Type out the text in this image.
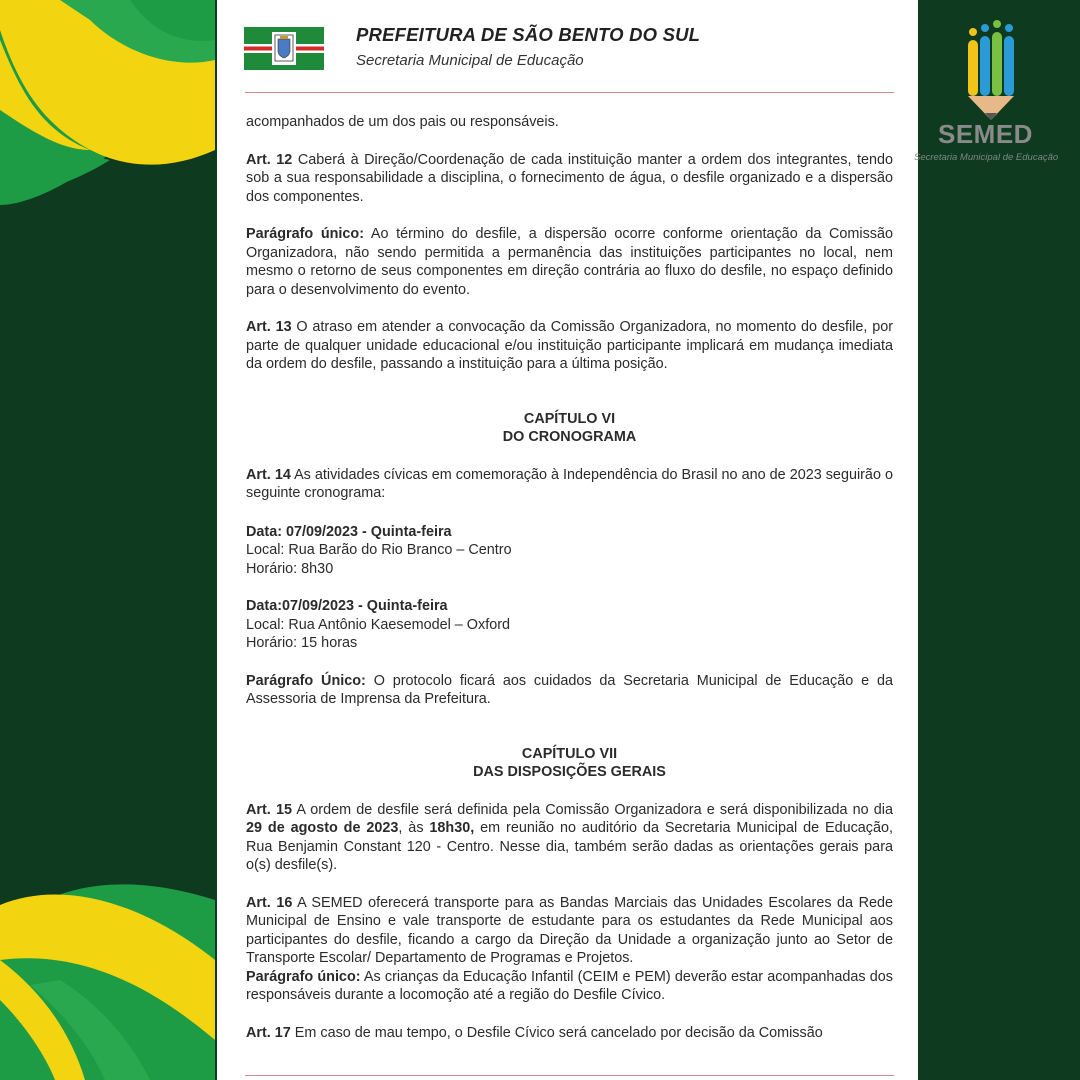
PREFEITURA DE SÃO BENTO DO SUL
Secretaria Municipal de Educação

acompanhados de um dos pais ou responsáveis.

Art. 12 Caberá à Direção/Coordenação de cada instituição manter a ordem dos integrantes, tendo sob a sua responsabilidade a disciplina, o fornecimento de água, o desfile organizado e a dispersão dos componentes.

Parágrafo único: Ao término do desfile, a dispersão ocorre conforme orientação da Comissão Organizadora, não sendo permitida a permanência das instituições participantes no local, nem mesmo o retorno de seus componentes em direção contrária ao fluxo do desfile, no espaço definido para o desenvolvimento do evento.

Art. 13 O atraso em atender a convocação da Comissão Organizadora, no momento do desfile, por parte de qualquer unidade educacional e/ou instituição participante implicará em mudança imediata da ordem do desfile, passando a instituição para a última posição.

CAPÍTULO VI

DO CRONOGRAMA

Art. 14 As atividades cívicas em comemoração à Independência do Brasil no ano de 2023 seguirão o seguinte cronograma:

Data: 07/09/2023 - Quinta-feira

Local: Rua Barão do Rio Branco – Centro

Horário: 8h30

Data:07/09/2023 - Quinta-feira

Local: Rua Antônio Kaesemodel – Oxford

Horário: 15 horas

Parágrafo Único: O protocolo ficará aos cuidados da Secretaria Municipal de Educação e da Assessoria de Imprensa da Prefeitura.

CAPÍTULO VII

DAS DISPOSIÇÕES GERAIS

Art. 15 A ordem de desfile será definida pela Comissão Organizadora e será disponibilizada no dia 29 de agosto de 2023, às 18h30, em reunião no auditório da Secretaria Municipal de Educação, Rua Benjamin Constant 120 - Centro. Nesse dia, também serão dadas as orientações gerais para o(s) desfile(s).

Art. 16 A SEMED oferecerá transporte para as Bandas Marciais das Unidades Escolares da Rede Municipal de Ensino e vale transporte de estudante para os estudantes da Rede Municipal aos participantes do desfile, ficando a cargo da Direção da Unidade a organização junto ao Setor de Transporte Escolar/ Departamento de Programas e Projetos.

Parágrafo único: As crianças da Educação Infantil (CEIM e PEM) deverão estar acompanhadas dos responsáveis durante a locomoção até a região do Desfile Cívico.

Art. 17 Em caso de mau tempo, o Desfile Cívico será cancelado por decisão da Comissão

SEMED
Secretaria Municipal de Educação
